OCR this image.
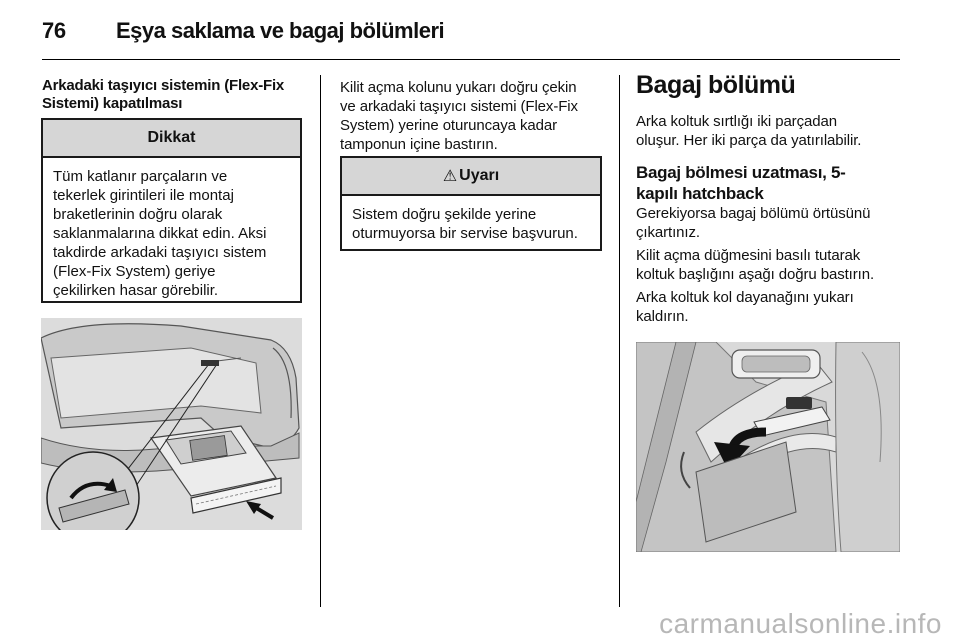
76 Eşya saklama ve bagaj bölümleri
Arkadaki taşıyıcı sistemin (Flex-Fix
Sistemi) kapatılması
Dikkat
Tüm katlanır parçaların ve
tekerlek girintileri ile montaj
braketlerinin doğru olarak
saklanmalarına dikkat edin. Aksi
takdirde arkadaki taşıyıcı sistem
(Flex-Fix System) geriye
çekilirken hasar görebilir.
Kilit açma kolunu yukarı doğru çekin
ve arkadaki taşıyıcı sistemi (Flex-Fix
System) yerine oturuncaya kadar
tamponun içine bastırın.
⚠ Uyarı
Sistem doğru şekilde yerine
oturmuyorsa bir servise başvurun.
Bagaj bölümü
Arka koltuk sırtlığı iki parçadan
oluşur. Her iki parça da yatırılabilir.
Bagaj bölmesi uzatması, 5-
kapılı hatchback
Gerekiyorsa bagaj bölümü örtüsünü
çıkartınız.
Kilit açma düğmesini basılı tutarak
koltuk başlığını aşağı doğru bastırın.
Arka koltuk kol dayanağını yukarı
kaldırın.
carmanualsonline.info
